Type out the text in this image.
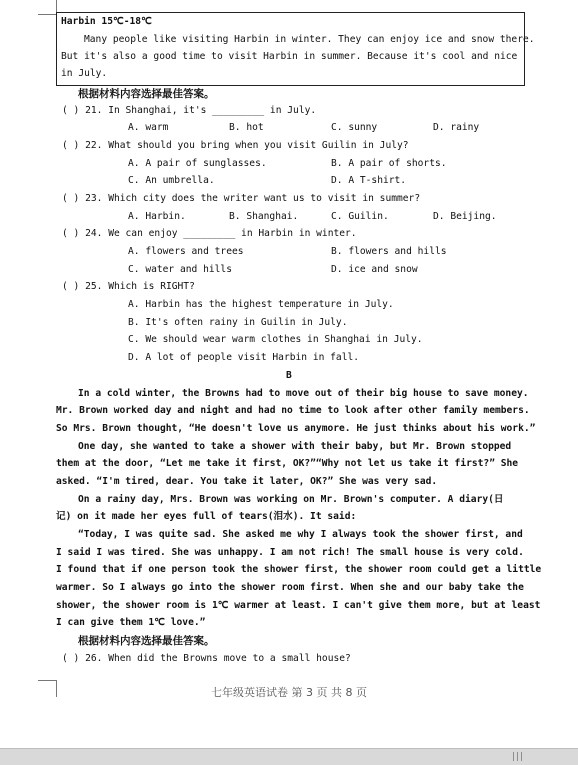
Harbin 15℃-18℃
Many people like visiting Harbin in winter. They can enjoy ice and snow there.
But it's also a good time to visit Harbin in summer. Because it's cool and nice
in July.
根据材料内容选择最佳答案。
( ) 21. In Shanghai, it's _________ in July.
A. warm	B. hot	C. sunny	D. rainy
( ) 22. What should you bring when you visit Guilin in July?
A. A pair of sunglasses.	B. A pair of shorts.
C. An umbrella.	D. A T-shirt.
( ) 23. Which city does the writer want us to visit in summer?
A. Harbin.	B. Shanghai.	C. Guilin.	D. Beijing.
( ) 24. We can enjoy _________ in Harbin in winter.
A. flowers and trees	B. flowers and hills
C. water and hills	D. ice and snow
( ) 25. Which is RIGHT?
A. Harbin has the highest temperature in July.
B. It's often rainy in Guilin in July.
C. We should wear warm clothes in Shanghai in July.
D. A lot of people visit Harbin in fall.
B
In a cold winter, the Browns had to move out of their big house to save money.
Mr. Brown worked day and night and had no time to look after other family members.
So Mrs. Brown thought, “He doesn't love us anymore. He just thinks about his work.”
One day, she wanted to take a shower with their baby, but Mr. Brown stopped
them at the door, “Let me take it first, OK?”“Why not let us take it first?” She
asked. “I'm tired, dear. You take it later, OK?” She was very sad.
On a rainy day, Mrs. Brown was working on Mr. Brown's computer. A diary(日
记) on it made her eyes full of tears(泪水). It said:
“Today, I was quite sad. She asked me why I always took the shower first, and
I said I was tired. She was unhappy. I am not rich! The small house is very cold.
I found that if one person took the shower first, the shower room could get a little
warmer. So I always go into the shower room first. When she and our baby take the
shower, the shower room is 1℃ warmer at least. I can't give them more, but at least
I can give them 1℃ love.”
根据材料内容选择最佳答案。
( ) 26. When did the Browns move to a small house?
七年级英语试卷 第 3 页 共 8 页
|||
